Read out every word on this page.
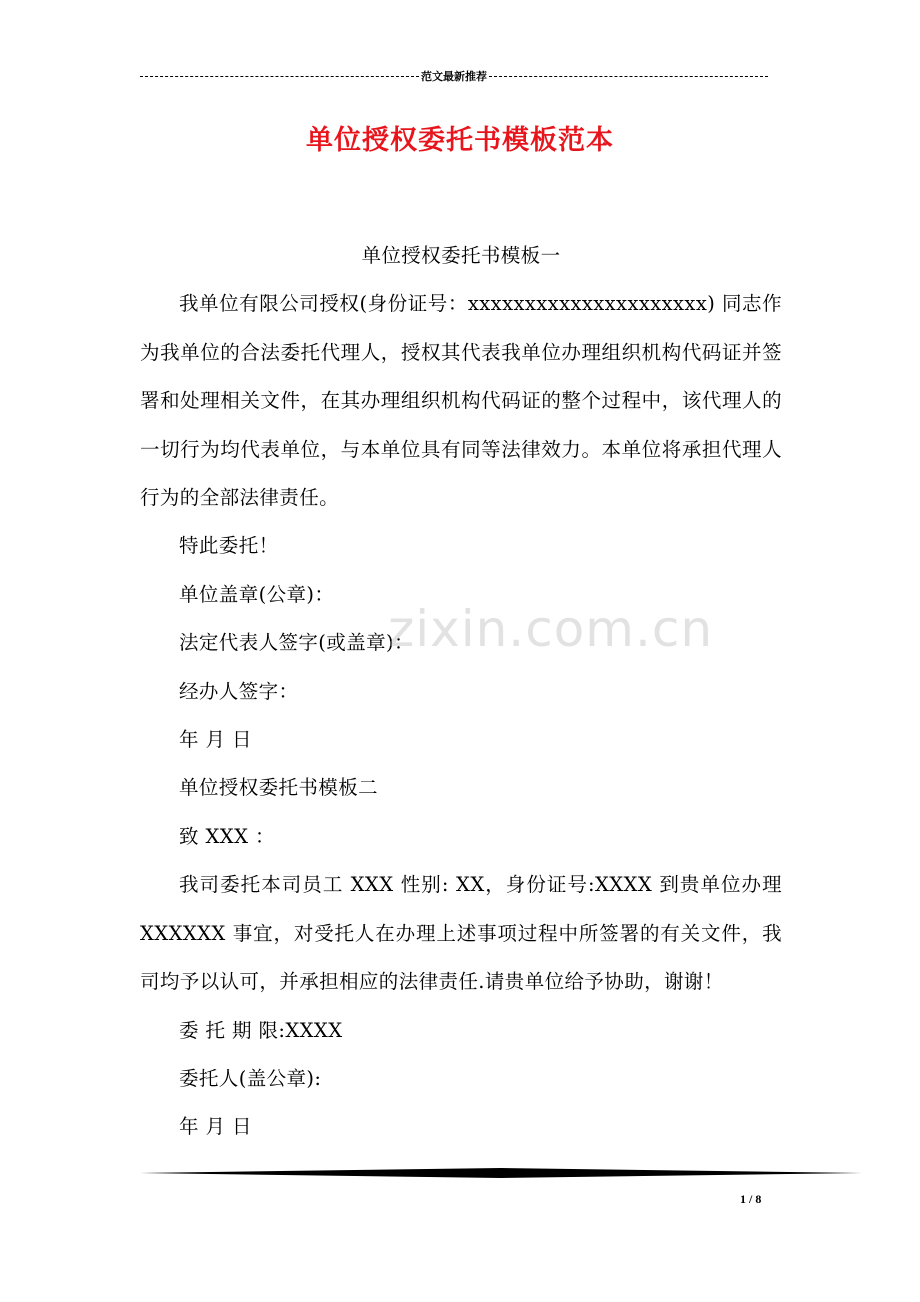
范文最新推荐
单位授权委托书模板范本

单位授权委托书模板一

我单位有限公司授权(身份证号：xxxxxxxxxxxxxxxxxxxxx) 同志作为我单位的合法委托代理人，授权其代表我单位办理组织机构代码证并签署和处理相关文件，在其办理组织机构代码证的整个过程中，该代理人的一切行为均代表单位，与本单位具有同等法律效力。本单位将承担代理人行为的全部法律责任。

特此委托！

单位盖章(公章)：

法定代表人签字(或盖章)：

经办人签字：

年 月 日

单位授权委托书模板二

致 XXX ：

我司委托本司员工 XXX 性别: XX，身份证号:XXXX 到贵单位办理 XXXXXX 事宜，对受托人在办理上述事项过程中所签署的有关文件，我司均予以认可，并承担相应的法律责任.请贵单位给予协助，谢谢！

委 托 期 限:XXXX

委托人(盖公章):

年 月 日

zixin.com.cn
1 / 8
